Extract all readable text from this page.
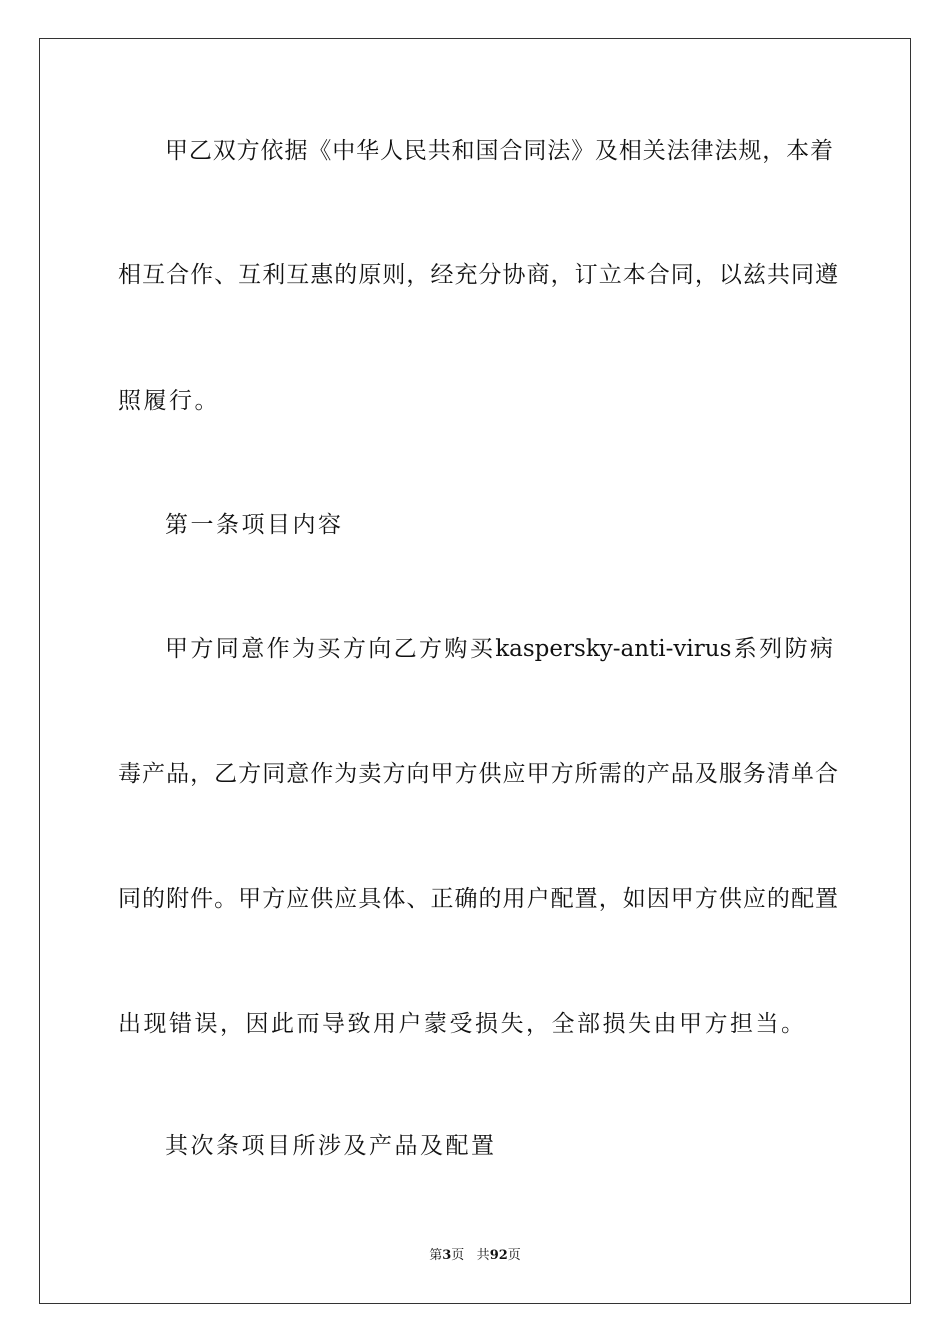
甲乙双方依据《中华人民共和国合同法》及相关法律法规，本着
相互合作、互利互惠的原则，经充分协商，订立本合同，以兹共同遵
照履行。
第一条项目内容
甲方同意作为买方向乙方购买kaspersky-anti-virus系列防病
毒产品，乙方同意作为卖方向甲方供应甲方所需的产品及服务清单合
同的附件。甲方应供应具体、正确的用户配置，如因甲方供应的配置
出现错误，因此而导致用户蒙受损失，全部损失由甲方担当。
其次条项目所涉及产品及配置
第3页 共92页
